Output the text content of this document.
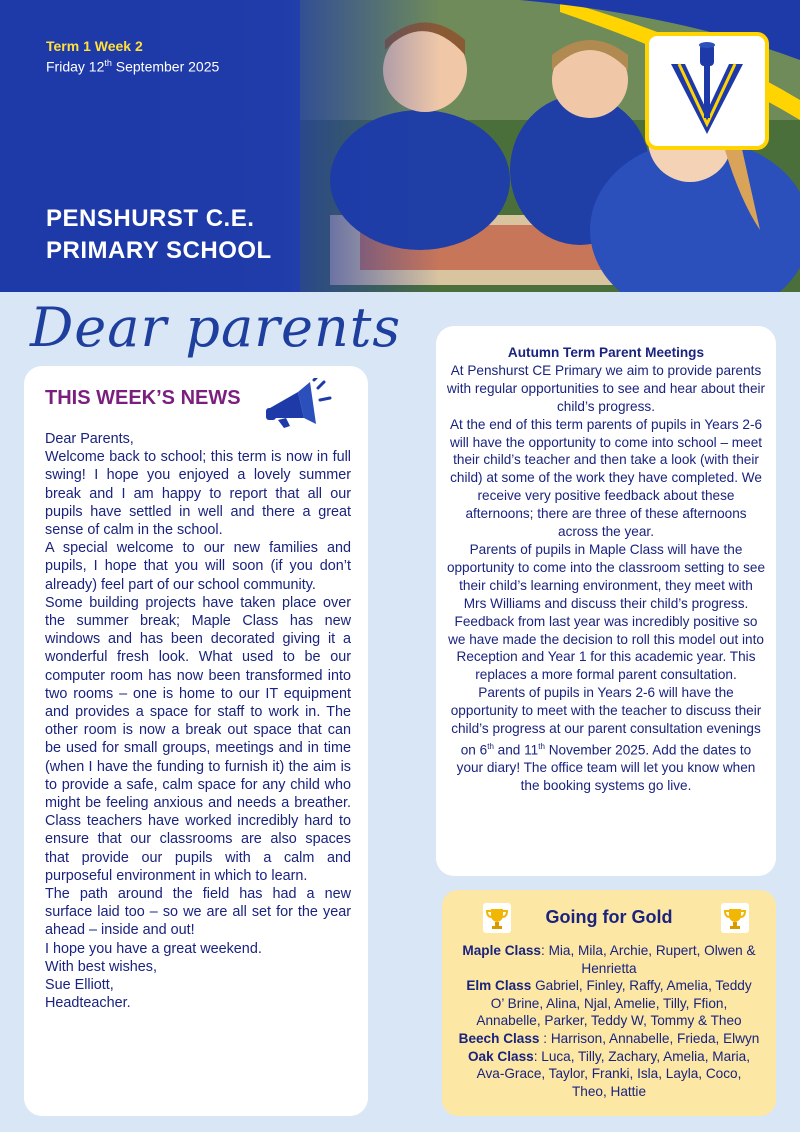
Term 1 Week 2
Friday 12th September 2025
PENSHURST C.E.
PRIMARY SCHOOL
Dear parents
THIS WEEK’S NEWS

Dear Parents,

Welcome back to school; this term is now in full swing! I hope you enjoyed a lovely summer break and I am happy to report that all our pupils have settled in well and there a great sense of calm in the school.

A special welcome to our new families and pupils, I hope that you will soon (if you don’t already) feel part of our school community.

Some building projects have taken place over the summer break; Maple Class has new windows and has been decorated giving it a wonderful fresh look. What used to be our computer room has now been transformed into two rooms – one is home to our IT equipment and provides a space for staff to work in. The other room is now a break out space that can be used for small groups, meetings and in time (when I have the funding to furnish it) the aim is to provide a safe, calm space for any child who might be feeling anxious and needs a breather. Class teachers have worked incredibly hard to ensure that our classrooms are also spaces that provide our pupils with a calm and purposeful environment in which to learn.

The path around the field has had a new surface laid too – so we are all set for the year ahead – inside and out!

I hope you have a great weekend.

With best wishes,

Sue Elliott,

Headteacher.

Autumn Term Parent Meetings

At Penshurst CE Primary we aim to provide parents with regular opportunities to see and hear about their child’s progress.

At the end of this term parents of pupils in Years 2-6 will have the opportunity to come into school – meet their child’s teacher and then take a look (with their child) at some of the work they have completed. We receive very positive feedback about these afternoons; there are three of these afternoons across the year.

Parents of pupils in Maple Class will have the opportunity to come into the classroom setting to see their child’s learning environment, they meet with Mrs Williams and discuss their child’s progress. Feedback from last year was incredibly positive so we have made the decision to roll this model out into Reception and Year 1 for this academic year. This replaces a more formal parent consultation.

Parents of pupils in Years 2-6 will have the opportunity to meet with the teacher to discuss their child’s progress at our parent consultation evenings on 6th and 11th November 2025. Add the dates to your diary! The office team will let you know when the booking systems go live.

Going for Gold

Maple Class: Mia, Mila, Archie, Rupert, Olwen & Henrietta

Elm Class Gabriel, Finley, Raffy, Amelia, Teddy O’ Brine, Alina, Njal, Amelie, Tilly, Ffion, Annabelle, Parker, Teddy W, Tommy & Theo

Beech Class : Harrison, Annabelle, Frieda, Elwyn

Oak Class: Luca, Tilly, Zachary, Amelia, Maria, Ava-Grace, Taylor, Franki, Isla, Layla, Coco, Theo, Hattie
